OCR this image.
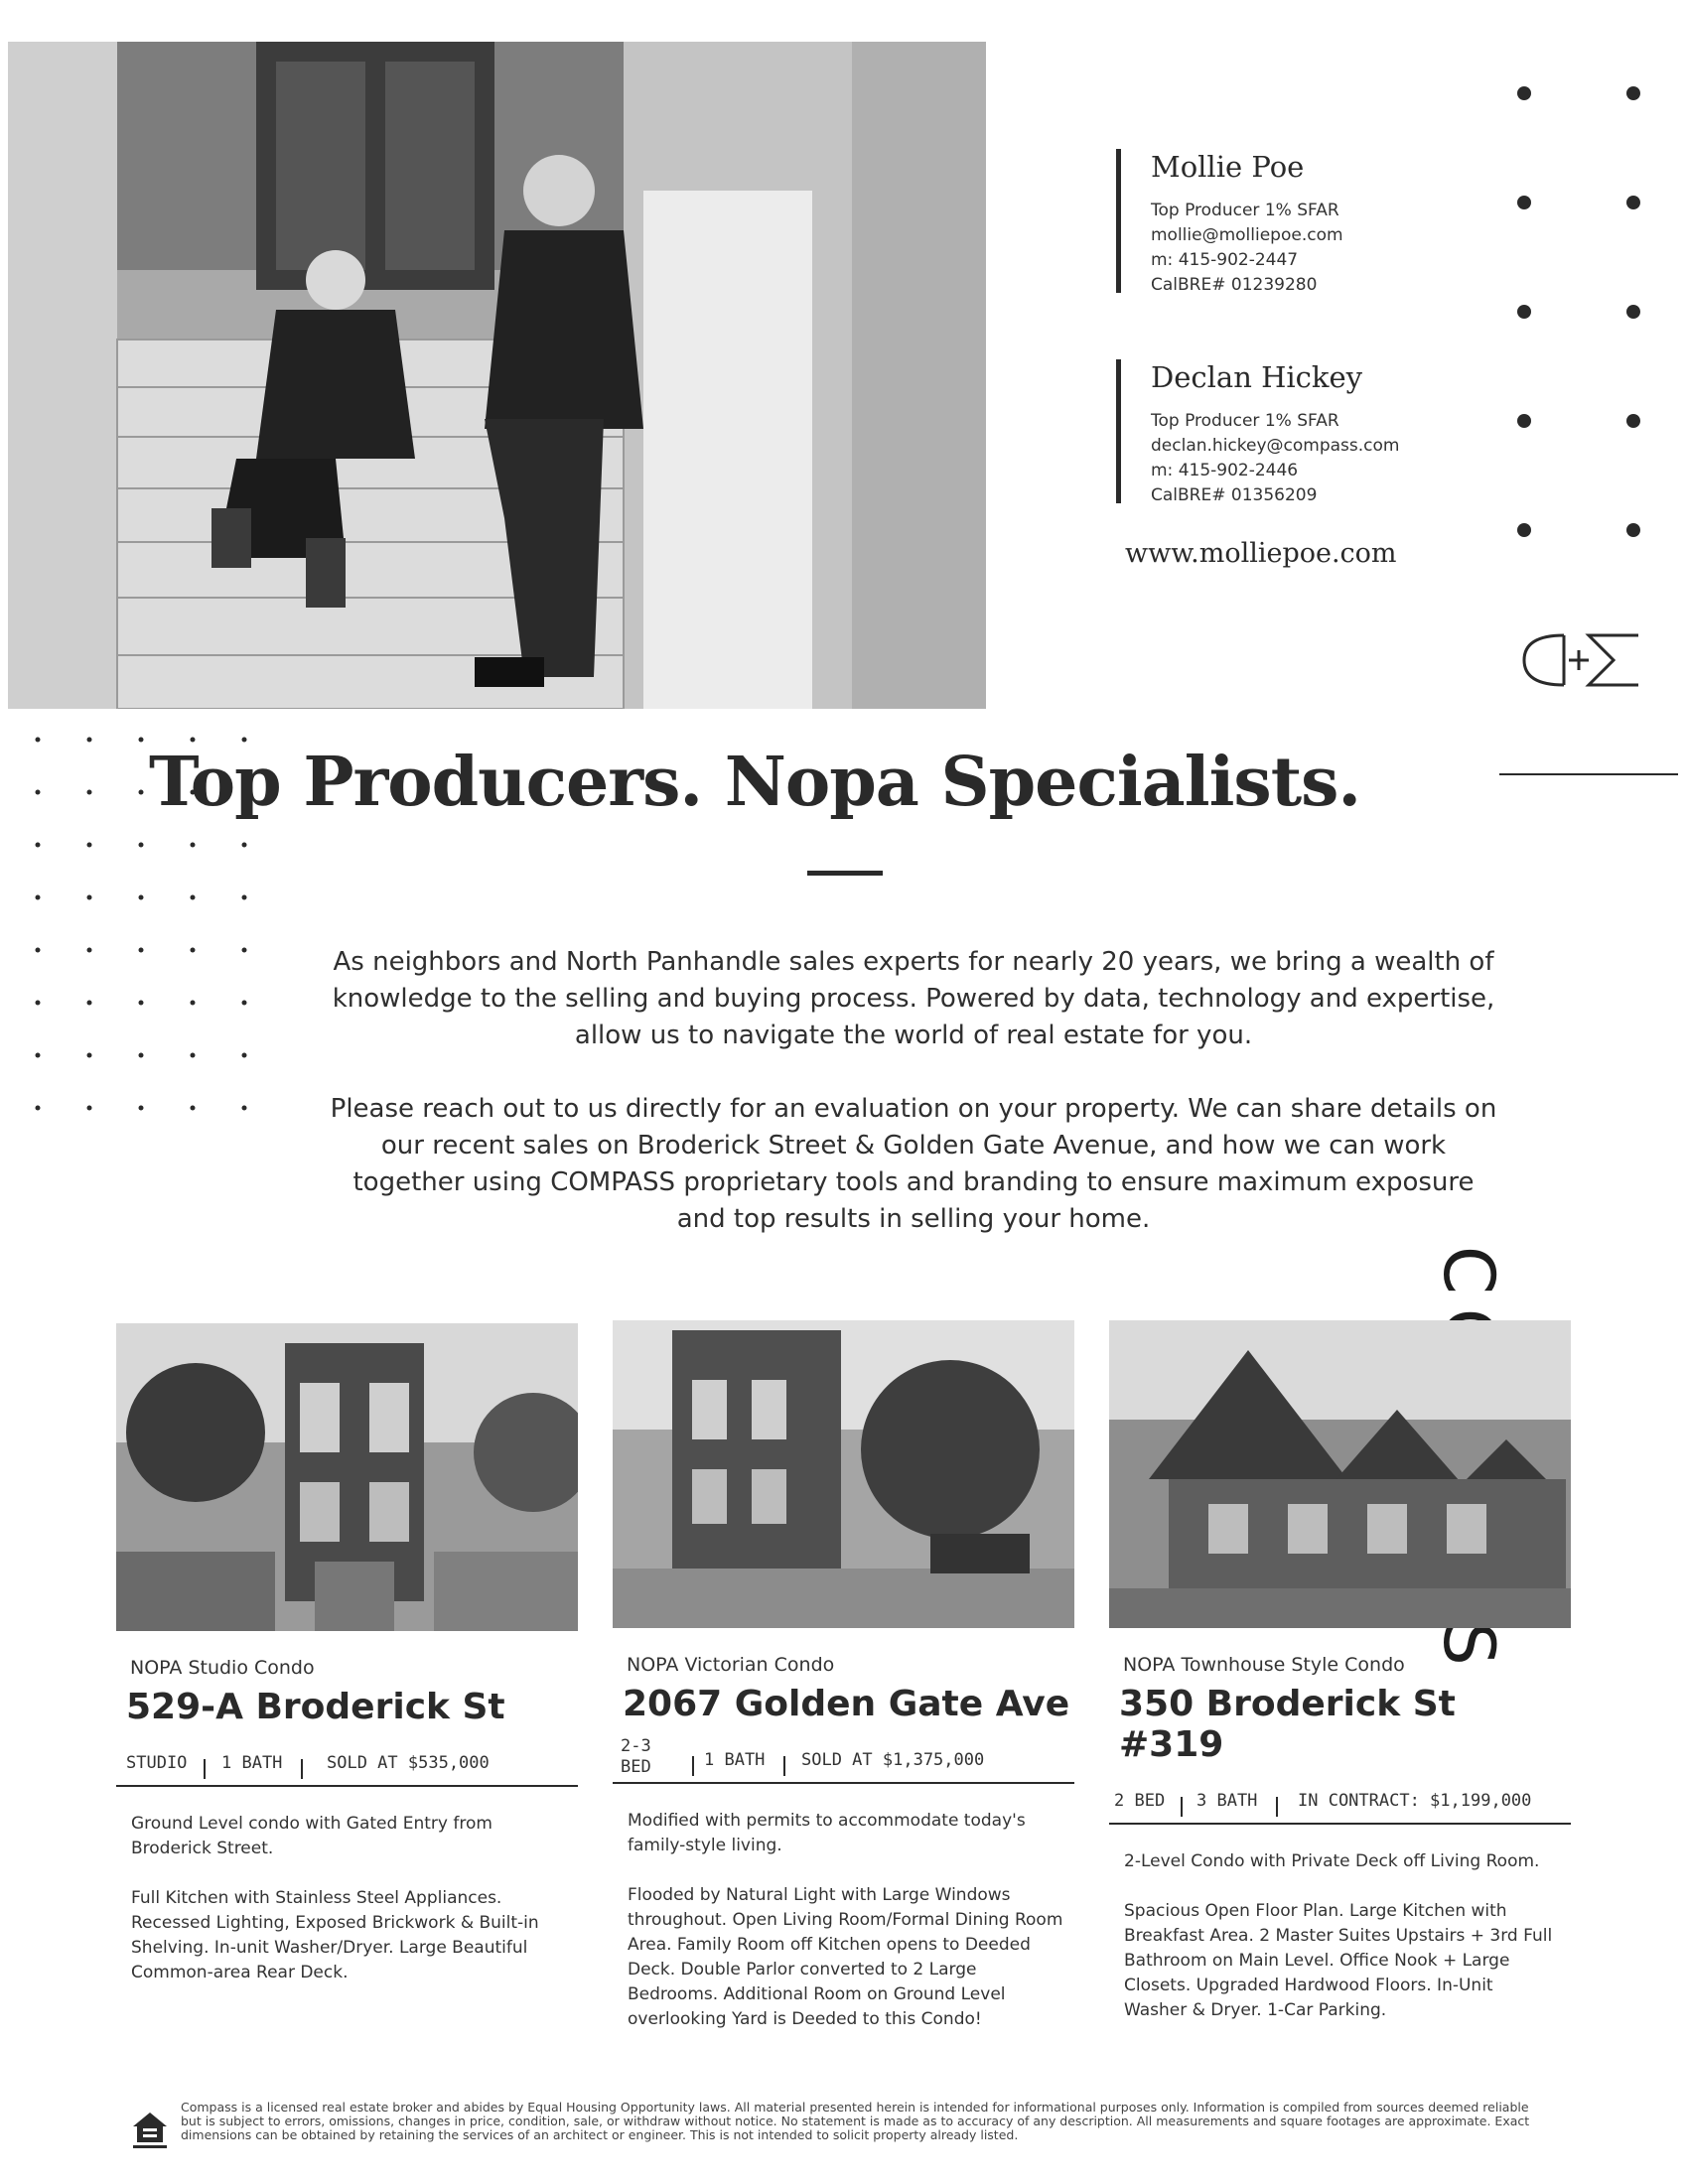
Mollie Poe
Top Producer 1% SFAR
mollie@molliepoe.com
m: 415-902-2447
CalBRE# 01239280
Declan Hickey
Top Producer 1% SFAR
declan.hickey@compass.com
m: 415-902-2446
CalBRE# 01356209
www.molliepoe.com
Top Producers. Nopa Specialists.
As neighbors and North Panhandle sales experts for nearly 20 years, we bring a wealth of knowledge to the selling and buying process. Powered by data, technology and expertise, allow us to navigate the world of real estate for you.
Please reach out to us directly for an evaluation on your property. We can share details on our recent sales on Broderick Street & Golden Gate Avenue, and how we can work together using COMPASS proprietary tools and branding to ensure maximum exposure and top results in selling your home.
NOPA Studio Condo
529-A Broderick St
STUDIO 1 BATH	SOLD AT $535,000
Ground Level condo with Gated Entry from Broderick Street.

Full Kitchen with Stainless Steel Appliances. Recessed Lighting, Exposed Brickwork & Built-in Shelving. In-unit Washer/Dryer. Large Beautiful Common-area Rear Deck.
NOPA Victorian Condo
2067 Golden Gate Ave
2-3 BED	1 BATH SOLD AT $1,375,000
Modified with permits to accommodate today's family-style living.

Flooded by Natural Light with Large Windows throughout. Open Living Room/Formal Dining Room Area. Family Room off Kitchen opens to Deeded Deck. Double Parlor converted to 2 Large Bedrooms. Additional Room on Ground Level overlooking Yard is Deeded to this Condo!
NOPA Townhouse Style Condo
350 Broderick St #319
2 BED 3 BATH IN CONTRACT: $1,199,000
2-Level Condo with Private Deck off Living Room.

Spacious Open Floor Plan. Large Kitchen with Breakfast Area. 2 Master Suites Upstairs + 3rd Full Bathroom on Main Level. Office Nook + Large Closets. Upgraded Hardwood Floors. In-Unit Washer & Dryer. 1-Car Parking.
Compass is a licensed real estate broker and abides by Equal Housing Opportunity laws. All material presented herein is intended for informational purposes only. Information is compiled from sources deemed reliable but is subject to errors, omissions, changes in price, condition, sale, or withdraw without notice. No statement is made as to accuracy of any description. All measurements and square footages are approximate. Exact dimensions can be obtained by retaining the services of an architect or engineer. This is not intended to solicit property already listed.
